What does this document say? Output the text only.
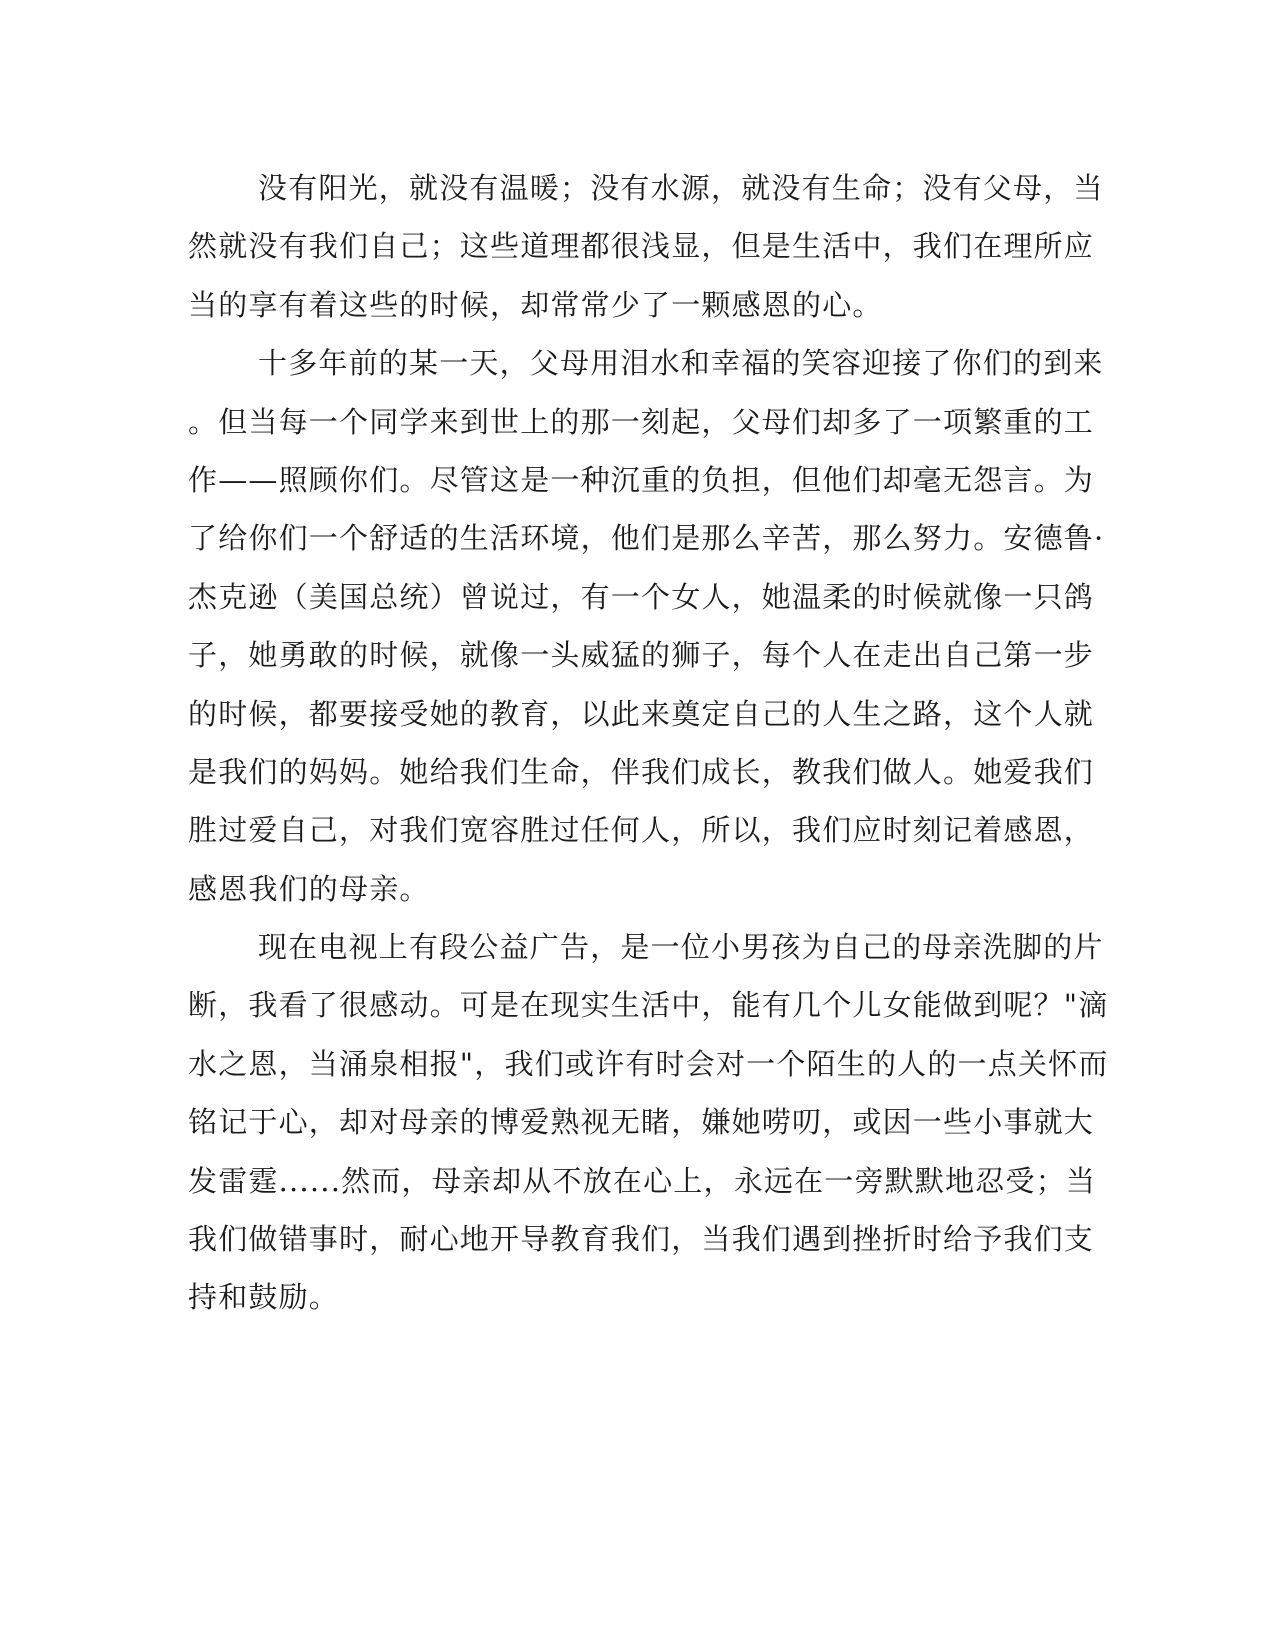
没有阳光，就没有温暖；没有水源，就没有生命；没有父母，当
然就没有我们自己；这些道理都很浅显，但是生活中，我们在理所应
当的享有着这些的时候，却常常少了一颗感恩的心。
十多年前的某一天，父母用泪水和幸福的笑容迎接了你们的到来
。但当每一个同学来到世上的那一刻起，父母们却多了一项繁重的工
作——照顾你们。尽管这是一种沉重的负担，但他们却毫无怨言。为
了给你们一个舒适的生活环境，他们是那么辛苦，那么努力。安德鲁·
杰克逊（美国总统）曾说过，有一个女人，她温柔的时候就像一只鸽
子，她勇敢的时候，就像一头威猛的狮子，每个人在走出自己第一步
的时候，都要接受她的教育，以此来奠定自己的人生之路，这个人就
是我们的妈妈。她给我们生命，伴我们成长，教我们做人。她爱我们
胜过爱自己，对我们宽容胜过任何人，所以，我们应时刻记着感恩，
感恩我们的母亲。
现在电视上有段公益广告，是一位小男孩为自己的母亲洗脚的片
断，我看了很感动。可是在现实生活中，能有几个儿女能做到呢？"滴
水之恩，当涌泉相报"，我们或许有时会对一个陌生的人的一点关怀而
铭记于心，却对母亲的博爱熟视无睹，嫌她唠叨，或因一些小事就大
发雷霆......然而，母亲却从不放在心上，永远在一旁默默地忍受；当
我们做错事时，耐心地开导教育我们，当我们遇到挫折时给予我们支
持和鼓励。
